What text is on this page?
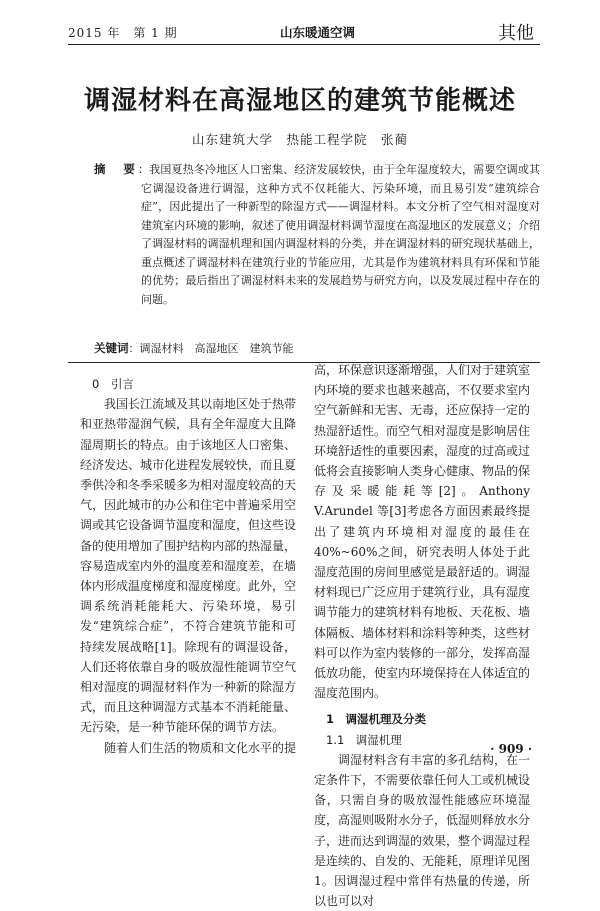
2015 年　第 1 期	山东暖通空调	其他
调湿材料在高湿地区的建筑节能概述
山东建筑大学　热能工程学院　张蔺
摘　要：我国夏热冬冷地区人口密集、经济发展较快，由于全年湿度较大，需要空调或其它调湿设备进行调湿，这种方式不仅耗能大、污染环境，而且易引发“建筑综合症”，因此提出了一种新型的除湿方式——调湿材料。本文分析了空气相对湿度对建筑室内环境的影响，叙述了使用调湿材料调节湿度在高湿地区的发展意义；介绍了调湿材料的调湿机理和国内调湿材料的分类，并在调湿材料的研究现状基础上，重点概述了调湿材料在建筑行业的节能应用，尤其是作为建筑材料具有环保和节能的优势；最后指出了调湿材料未来的发展趋势与研究方向，以及发展过程中存在的问题。
关键词：调湿材料　高湿地区　建筑节能

0　引言

我国长江流域及其以南地区处于热带和亚热带湿润气候，具有全年湿度大且降湿周期长的特点。由于该地区人口密集、经济发达、城市化进程发展较快，而且夏季供冷和冬季采暖多为相对湿度较高的天气，因此城市的办公和住宅中普遍采用空调或其它设备调节温度和湿度，但这些设备的使用增加了围护结构内部的热湿量，容易造成室内外的温度差和湿度差，在墙体内形成温度梯度和湿度梯度。此外，空调系统消耗能耗大、污染环境，易引发“建筑综合症”，不符合建筑节能和可持续发展战略[1]。除现有的调湿设备，人们还将依靠自身的吸放湿性能调节空气相对湿度的调湿材料作为一种新的除湿方式，而且这种调湿方式基本不消耗能量、无污染，是一种节能环保的调节方法。

随着人们生活的物质和文化水平的提

高，环保意识逐渐增强，人们对于建筑室内环境的要求也越来越高，不仅要求室内空气新鲜和无害、无毒，还应保持一定的热湿舒适性。而空气相对湿度是影响居住环境舒适性的重要因素，湿度的过高或过低将会直接影响人类身心健康、物品的保存及采暖能耗等[2]。Anthony V.Arundel 等[3]考虑各方面因素最终提出了建筑内环境相对湿度的最佳在 40%~60%之间，研究表明人体处于此湿度范围的房间里感觉是最舒适的。调湿材料现已广泛应用于建筑行业，具有湿度调节能力的建筑材料有地板、天花板、墙体隔板、墙体材料和涂料等种类，这些材料可以作为室内装修的一部分，发挥高湿低放功能，使室内环境保持在人体适宜的湿度范围内。

1　调湿机理及分类

1.1　调湿机理

调湿材料含有丰富的多孔结构，在一定条件下，不需要依靠任何人工或机械设备，只需自身的吸放湿性能感应环境湿度，高湿则吸附水分子，低湿则释放水分子，进而达到调湿的效果，整个调湿过程是连续的、自发的、无能耗，原理详见图 1。因调湿过程中常伴有热量的传递，所以也可以对

· 909 ·
